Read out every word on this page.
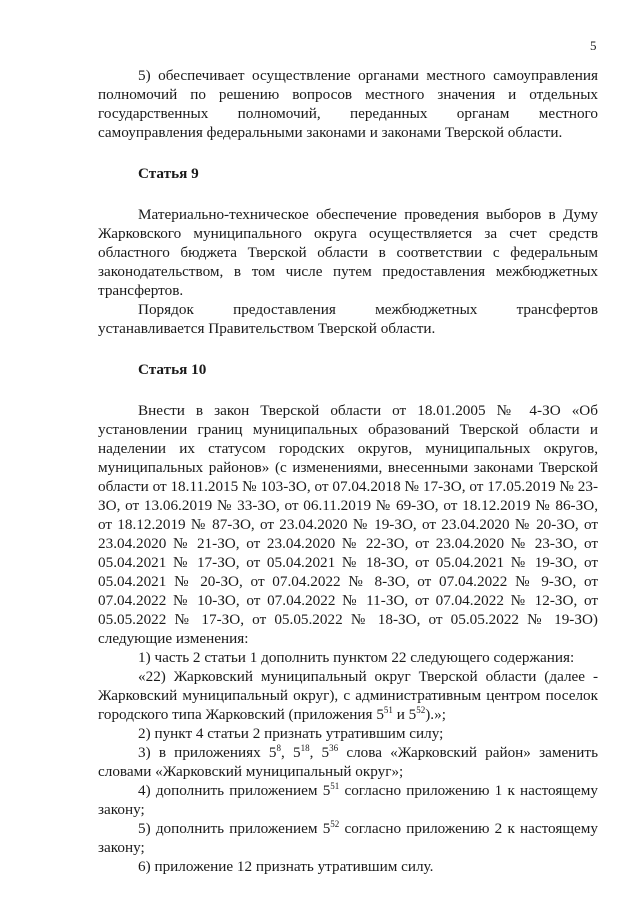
5

5) обеспечивает осуществление органами местного самоуправления полномочий по решению вопросов местного значения и отдельных государственных полномочий, переданных органам местного самоуправления федеральными законами и законами Тверской области.

Статья 9

Материально-техническое обеспечение проведения выборов в Думу Жарковского муниципального округа осуществляется за счет средств областного бюджета Тверской области в соответствии с федеральным законодательством, в том числе путем предоставления межбюджетных трансфертов.

Порядок предоставления межбюджетных трансфертов устанавливается Правительством Тверской области.

Статья 10

Внести в закон Тверской области от 18.01.2005 № 4-ЗО «Об установлении границ муниципальных образований Тверской области и наделении их статусом городских округов, муниципальных округов, муниципальных районов» (с изменениями, внесенными законами Тверской области от 18.11.2015 № 103-ЗО, от 07.04.2018 № 17-ЗО, от 17.05.2019 № 23-ЗО, от 13.06.2019 № 33-ЗО, от 06.11.2019 № 69-ЗО, от 18.12.2019 № 86-ЗО, от 18.12.2019 № 87-ЗО, от 23.04.2020 № 19-ЗО, от 23.04.2020 № 20-ЗО, от 23.04.2020 № 21-ЗО, от 23.04.2020 № 22-ЗО, от 23.04.2020 № 23-ЗО, от 05.04.2021 № 17-ЗО, от 05.04.2021 № 18-ЗО, от 05.04.2021 № 19-ЗО, от 05.04.2021 № 20-ЗО, от 07.04.2022 № 8-ЗО, от 07.04.2022 № 9-ЗО, от 07.04.2022 № 10-ЗО, от 07.04.2022 № 11-ЗО, от 07.04.2022 № 12-ЗО, от 05.05.2022 № 17-ЗО, от 05.05.2022 № 18-ЗО, от 05.05.2022 № 19-ЗО) следующие изменения:

1) часть 2 статьи 1 дополнить пунктом 22 следующего содержания:

«22) Жарковский муниципальный округ Тверской области (далее - Жарковский муниципальный округ), с административным центром поселок городского типа Жарковский (приложения $5^{51}$ и $5^{52}$).»;

2) пункт 4 статьи 2 признать утратившим силу;

3) в приложениях $5^8$, $5^{18}$, $5^{36}$ слова «Жарковский район» заменить словами «Жарковский муниципальный округ»;

4) дополнить приложением $5^{51}$ согласно приложению 1 к настоящему закону;

5) дополнить приложением $5^{52}$ согласно приложению 2 к настоящему закону;

6) приложение 12 признать утратившим силу.
